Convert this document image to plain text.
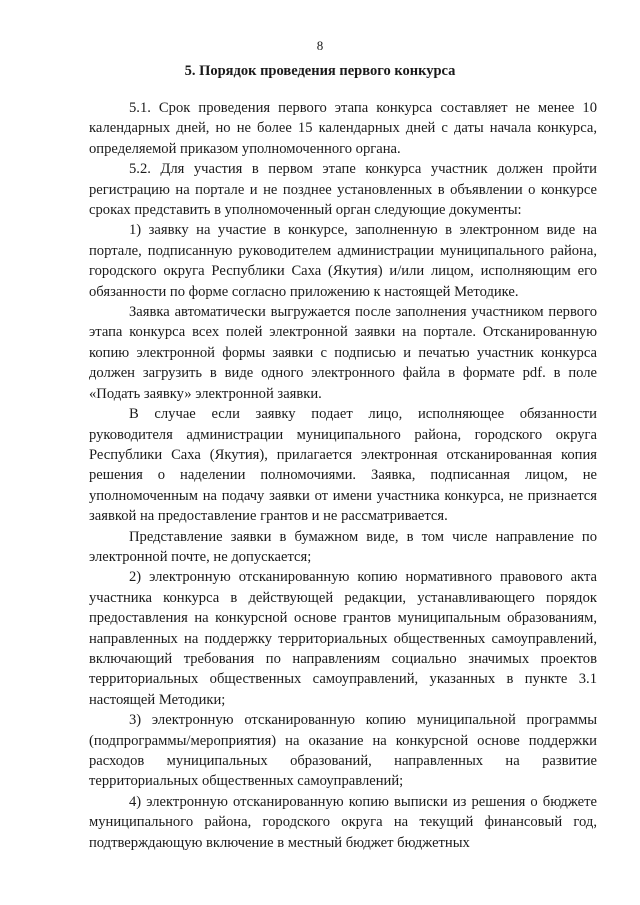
8
5. Порядок проведения первого конкурса

5.1. Срок проведения первого этапа конкурса составляет не менее 10 календарных дней, но не более 15 календарных дней с даты начала конкурса, определяемой приказом уполномоченного органа.

5.2. Для участия в первом этапе конкурса участник должен пройти регистрацию на портале и не позднее установленных в объявлении о конкурсе сроках представить в уполномоченный орган следующие документы:

1) заявку на участие в конкурсе, заполненную в электронном виде на портале, подписанную руководителем администрации муниципального района, городского округа Республики Саха (Якутия) и/или лицом, исполняющим его обязанности по форме согласно приложению к настоящей Методике.

Заявка автоматически выгружается после заполнения участником первого этапа конкурса всех полей электронной заявки на портале. Отсканированную копию электронной формы заявки с подписью и печатью участник конкурса должен загрузить в виде одного электронного файла в формате pdf. в поле «Подать заявку» электронной заявки.

В случае если заявку подает лицо, исполняющее обязанности руководителя администрации муниципального района, городского округа Республики Саха (Якутия), прилагается электронная отсканированная копия решения о наделении полномочиями. Заявка, подписанная лицом, не уполномоченным на подачу заявки от имени участника конкурса, не признается заявкой на предоставление грантов и не рассматривается.

Представление заявки в бумажном виде, в том числе направление по электронной почте, не допускается;

2) электронную отсканированную копию нормативного правового акта участника конкурса в действующей редакции, устанавливающего порядок предоставления на конкурсной основе грантов муниципальным образованиям, направленных на поддержку территориальных общественных самоуправлений, включающий требования по направлениям социально значимых проектов территориальных общественных самоуправлений, указанных в пункте 3.1 настоящей Методики;

3) электронную отсканированную копию муниципальной программы (подпрограммы/мероприятия) на оказание на конкурсной основе поддержки расходов муниципальных образований, направленных на развитие территориальных общественных самоуправлений;

4) электронную отсканированную копию выписки из решения о бюджете муниципального района, городского округа на текущий финансовый год, подтверждающую включение в местный бюджет бюджетных
